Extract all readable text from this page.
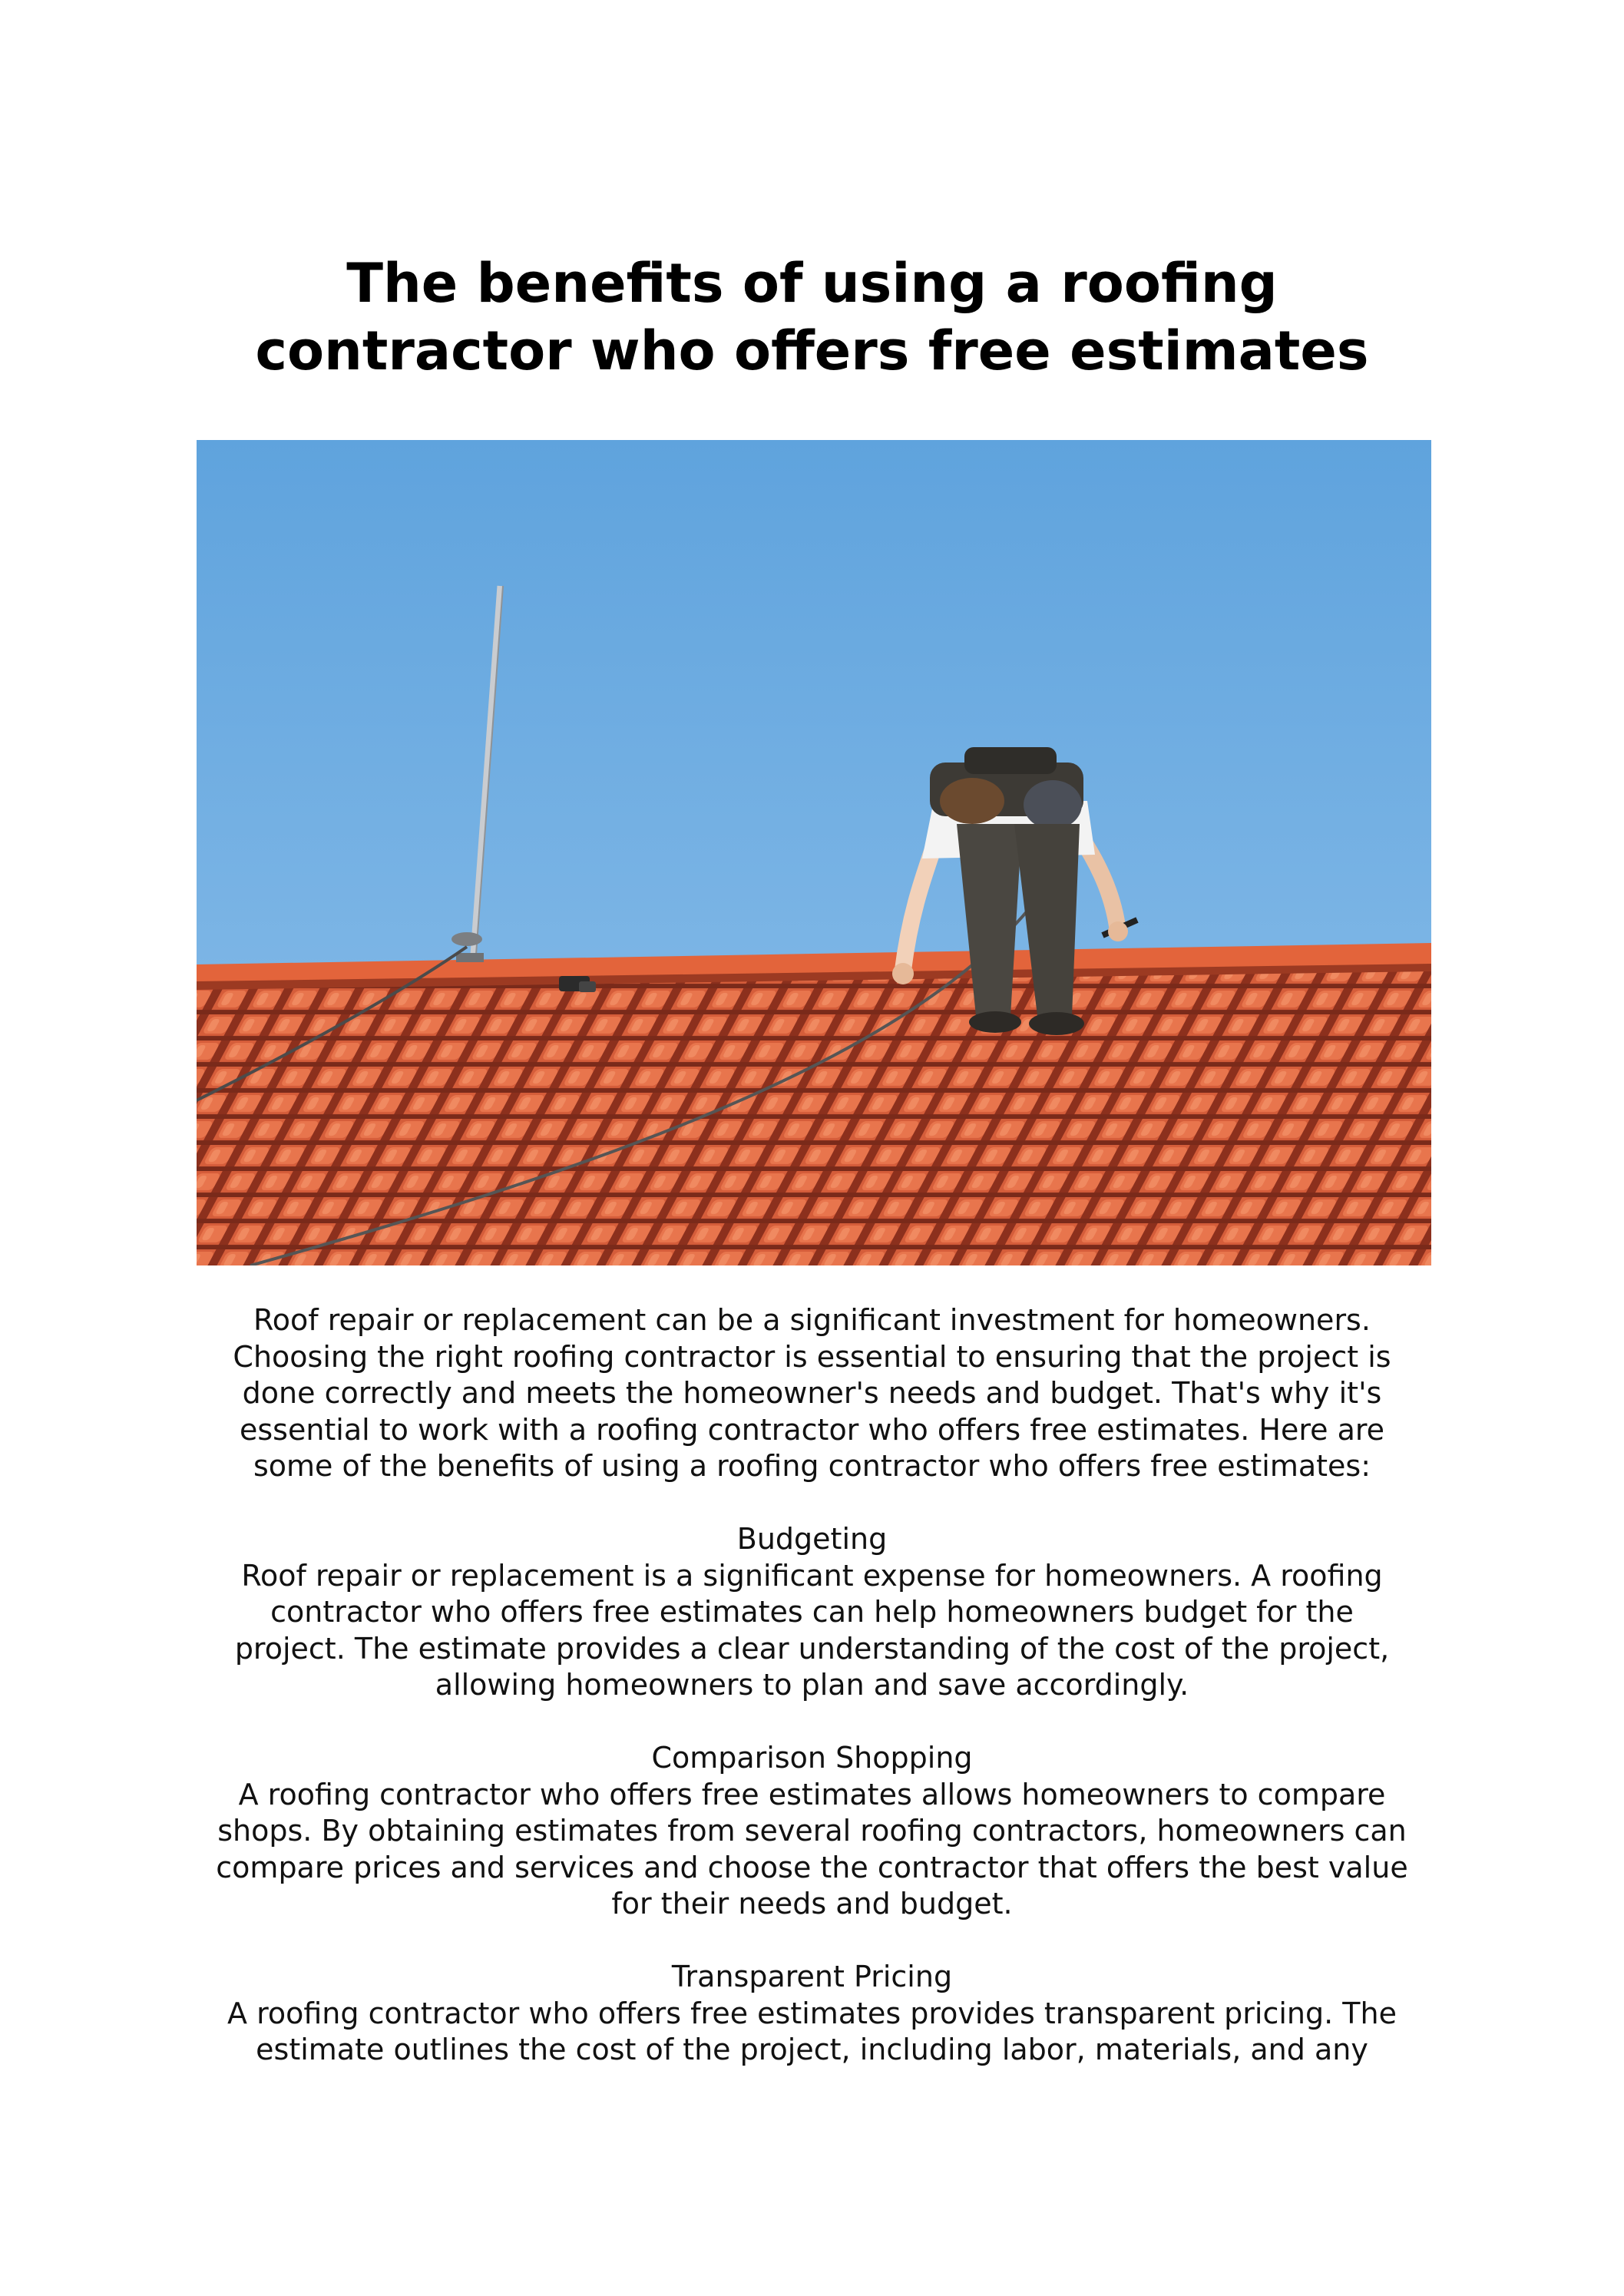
The benefits of using a roofing
contractor who offers free estimates
Roof repair or replacement can be a significant investment for homeowners.
Choosing the right roofing contractor is essential to ensuring that the project is
done correctly and meets the homeowner's needs and budget. That's why it's
essential to work with a roofing contractor who offers free estimates. Here are
some of the benefits of using a roofing contractor who offers free estimates:
Budgeting
Roof repair or replacement is a significant expense for homeowners. A roofing
contractor who offers free estimates can help homeowners budget for the
project. The estimate provides a clear understanding of the cost of the project,
allowing homeowners to plan and save accordingly.
Comparison Shopping
A roofing contractor who offers free estimates allows homeowners to compare
shops. By obtaining estimates from several roofing contractors, homeowners can
compare prices and services and choose the contractor that offers the best value
for their needs and budget.
Transparent Pricing
A roofing contractor who offers free estimates provides transparent pricing. The
estimate outlines the cost of the project, including labor, materials, and any
